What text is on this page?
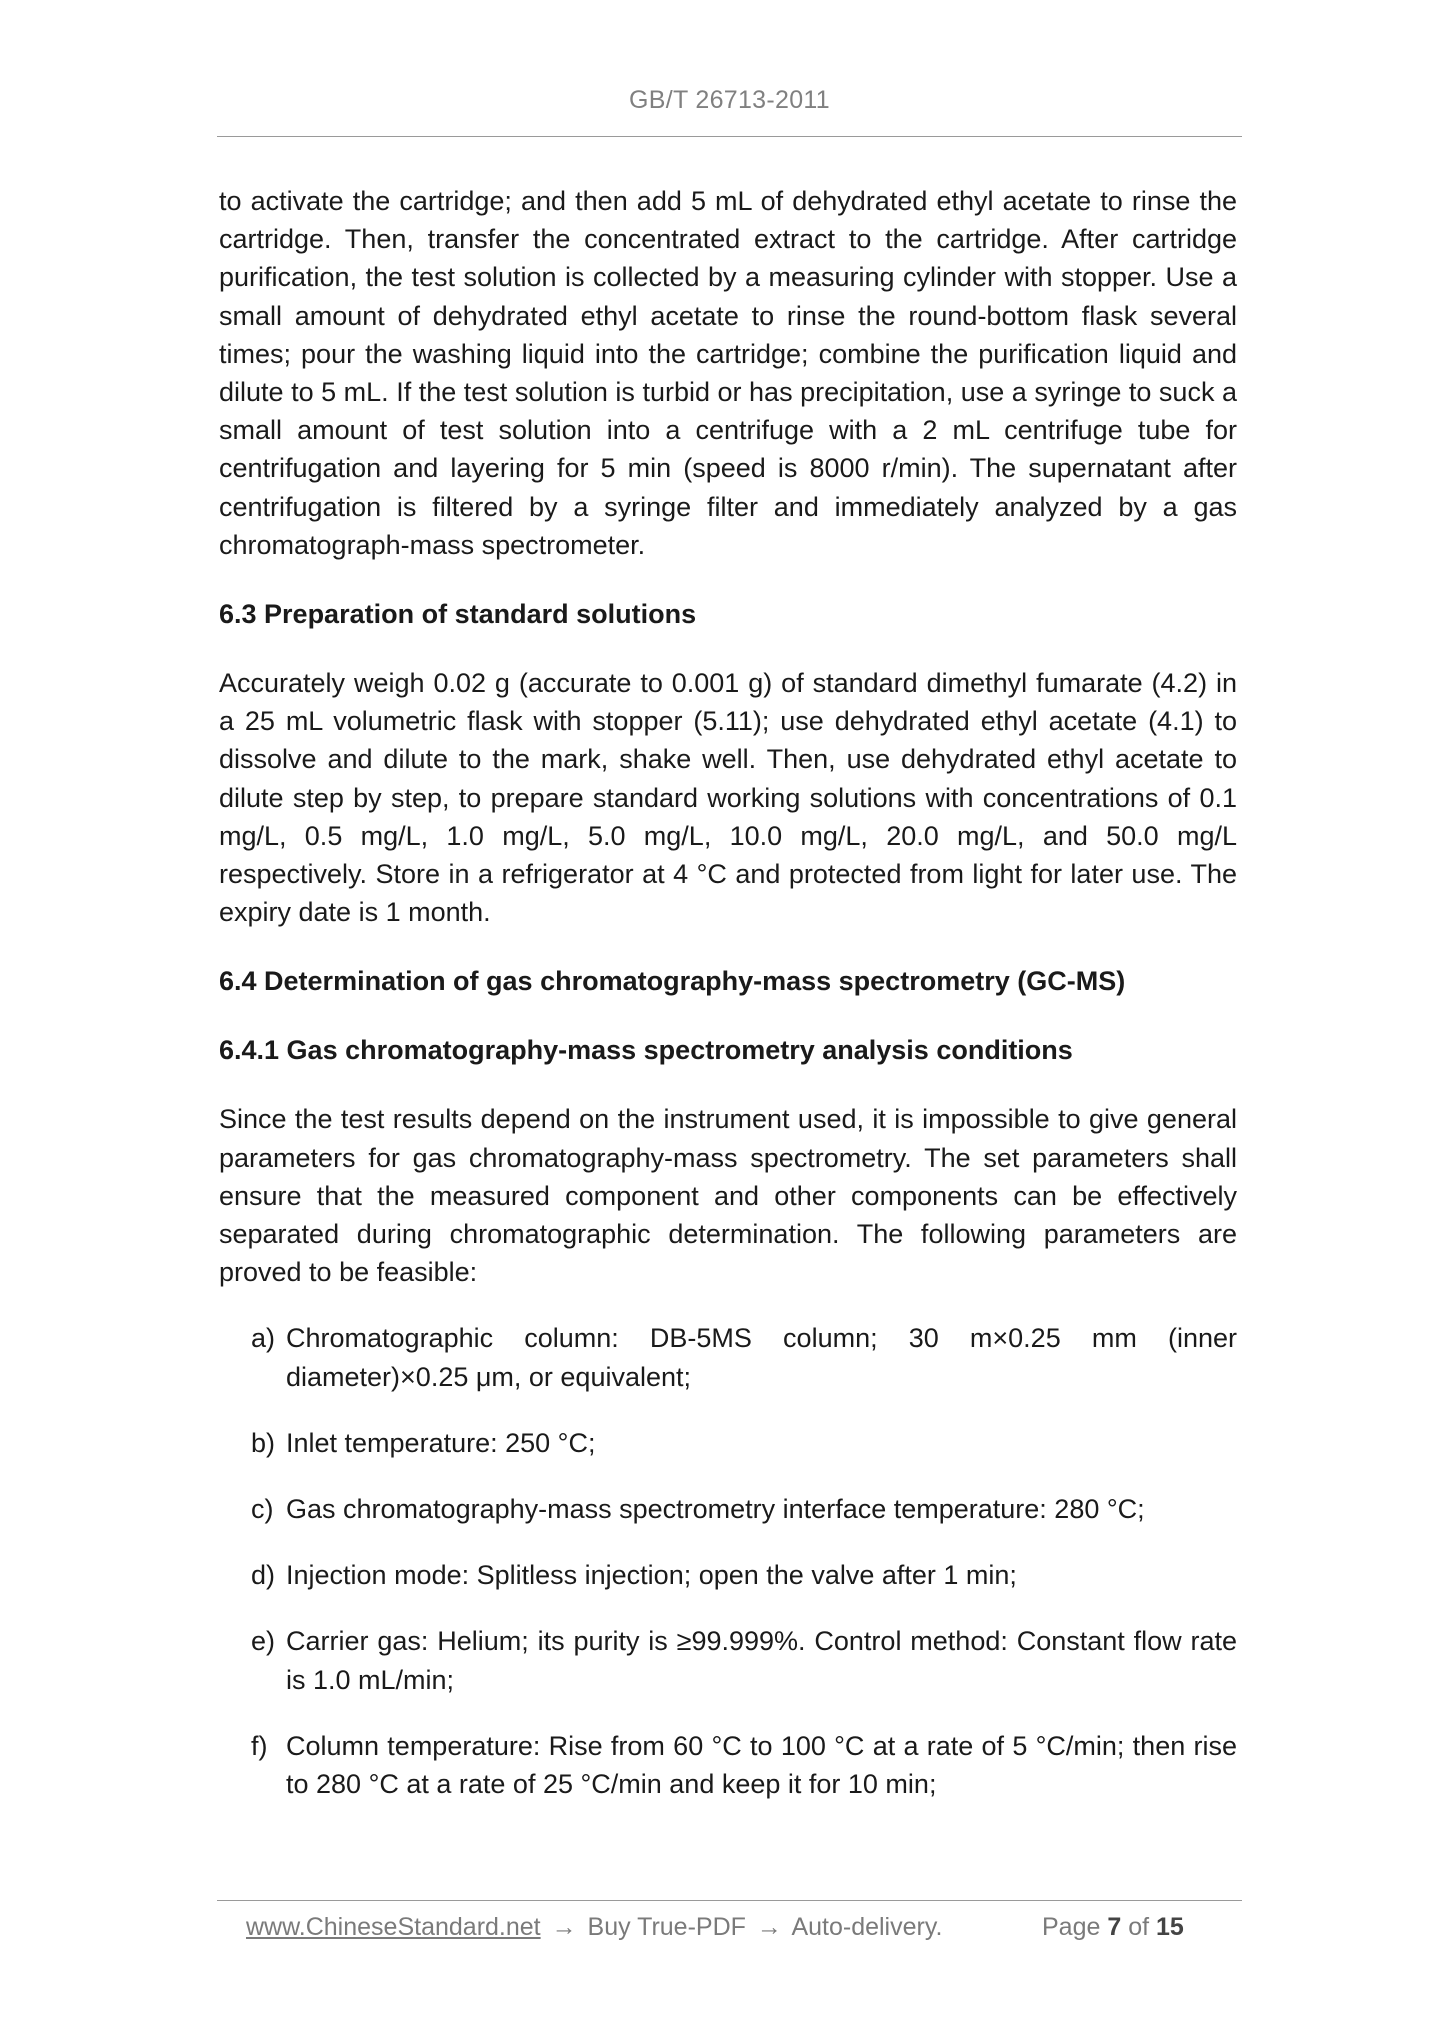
GB/T 26713-2011

to activate the cartridge; and then add 5 mL of dehydrated ethyl acetate to rinse the cartridge. Then, transfer the concentrated extract to the cartridge. After cartridge purification, the test solution is collected by a measuring cylinder with stopper. Use a small amount of dehydrated ethyl acetate to rinse the round-bottom flask several times; pour the washing liquid into the cartridge; combine the purification liquid and dilute to 5 mL. If the test solution is turbid or has precipitation, use a syringe to suck a small amount of test solution into a centrifuge with a 2 mL centrifuge tube for centrifugation and layering for 5 min (speed is 8000 r/min). The supernatant after centrifugation is filtered by a syringe filter and immediately analyzed by a gas chromatograph-mass spectrometer.

6.3 Preparation of standard solutions

Accurately weigh 0.02 g (accurate to 0.001 g) of standard dimethyl fumarate (4.2) in a 25 mL volumetric flask with stopper (5.11); use dehydrated ethyl acetate (4.1) to dissolve and dilute to the mark, shake well. Then, use dehydrated ethyl acetate to dilute step by step, to prepare standard working solutions with concentrations of 0.1 mg/L, 0.5 mg/L, 1.0 mg/L, 5.0 mg/L, 10.0 mg/L, 20.0 mg/L, and 50.0 mg/L respectively. Store in a refrigerator at 4 °C and protected from light for later use. The expiry date is 1 month.

6.4 Determination of gas chromatography-mass spectrometry (GC-MS)
6.4.1 Gas chromatography-mass spectrometry analysis conditions

Since the test results depend on the instrument used, it is impossible to give general parameters for gas chromatography-mass spectrometry. The set parameters shall ensure that the measured component and other components can be effectively separated during chromatographic determination. The following parameters are proved to be feasible:

a) Chromatographic column: DB-5MS column; 30 m×0.25 mm (inner diameter)×0.25 μm, or equivalent;
b) Inlet temperature: 250 °C;
c) Gas chromatography-mass spectrometry interface temperature: 280 °C;
d) Injection mode: Splitless injection; open the valve after 1 min;
e) Carrier gas: Helium; its purity is ≥99.999%. Control method: Constant flow rate is 1.0 mL/min;
f) Column temperature: Rise from 60 °C to 100 °C at a rate of 5 °C/min; then rise to 280 °C at a rate of 25 °C/min and keep it for 10 min;
www.ChineseStandard.net → Buy True-PDF → Auto-delivery.	Page 7 of 15
